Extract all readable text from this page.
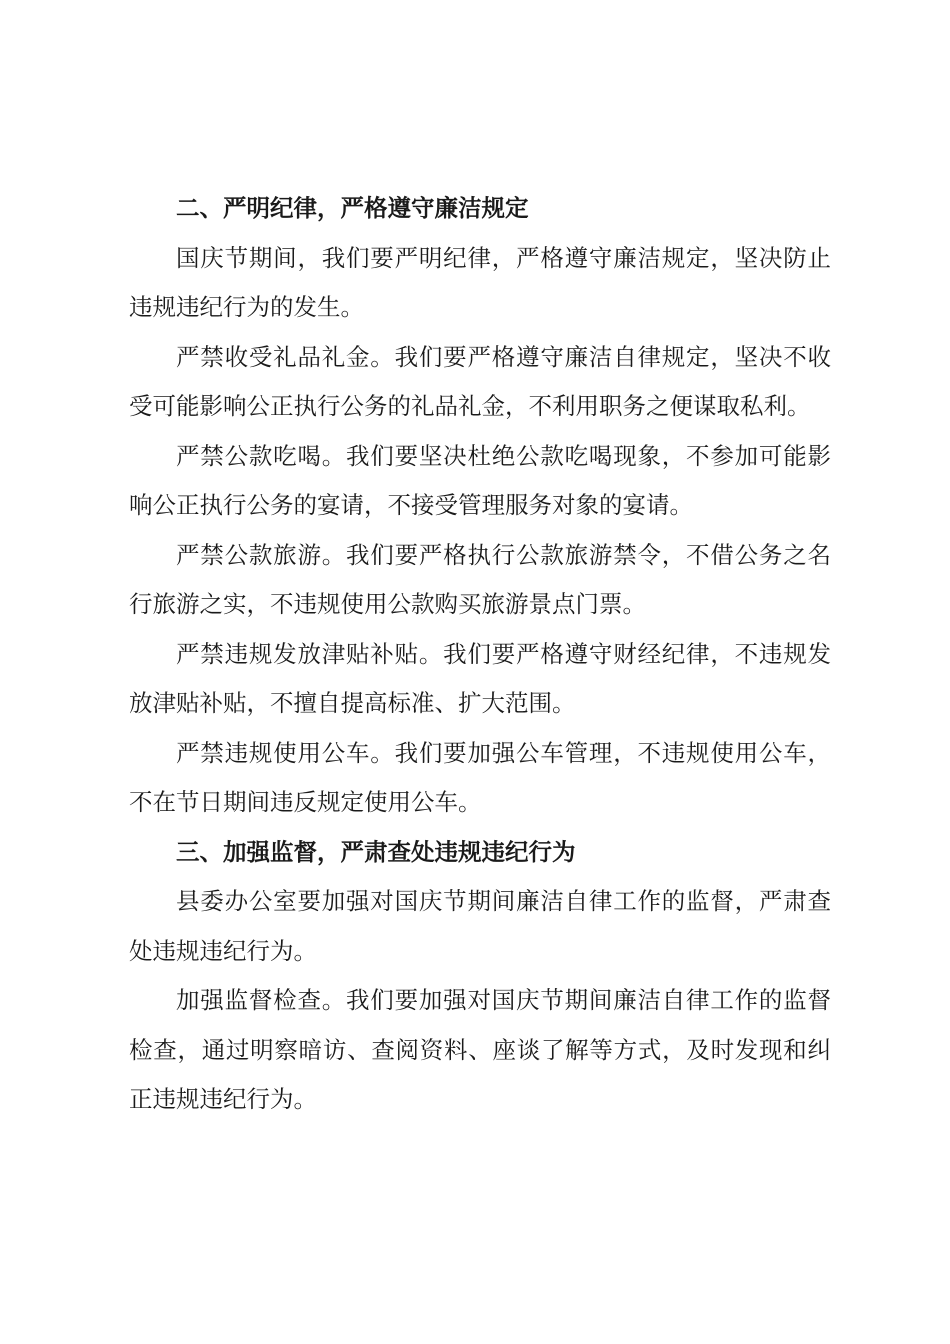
二、严明纪律，严格遵守廉洁规定

国庆节期间，我们要严明纪律，严格遵守廉洁规定，坚决防止违规违纪行为的发生。

严禁收受礼品礼金。我们要严格遵守廉洁自律规定，坚决不收受可能影响公正执行公务的礼品礼金，不利用职务之便谋取私利。

严禁公款吃喝。我们要坚决杜绝公款吃喝现象，不参加可能影响公正执行公务的宴请，不接受管理服务对象的宴请。

严禁公款旅游。我们要严格执行公款旅游禁令，不借公务之名行旅游之实，不违规使用公款购买旅游景点门票。

严禁违规发放津贴补贴。我们要严格遵守财经纪律，不违规发放津贴补贴，不擅自提高标准、扩大范围。

严禁违规使用公车。我们要加强公车管理，不违规使用公车，不在节日期间违反规定使用公车。

三、加强监督，严肃查处违规违纪行为

县委办公室要加强对国庆节期间廉洁自律工作的监督，严肃查处违规违纪行为。

加强监督检查。我们要加强对国庆节期间廉洁自律工作的监督检查，通过明察暗访、查阅资料、座谈了解等方式，及时发现和纠正违规违纪行为。
